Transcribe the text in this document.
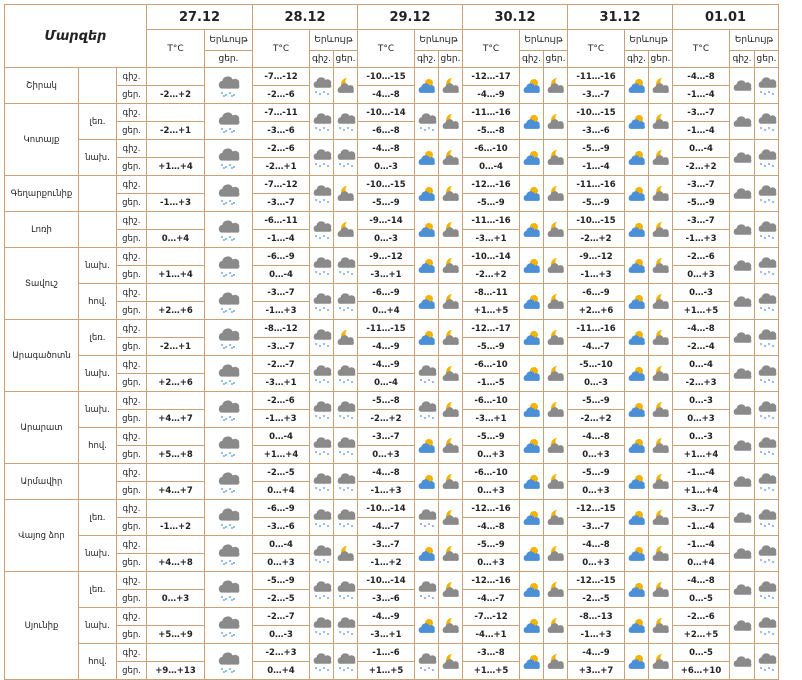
Մարզեր			27.12		28.12			29.12			30.12			31.12			01.01		
			T°C	Երևույթ	T°C	Երևույթ		T°C	Երևույթ		T°C	Երևույթ		T°C	Երևույթ		T°C	Երևույթ	
				ցեր.		գիշ.	ցեր.		գիշ.	ցեր.		գիշ.	ցեր.		գիշ.	ցեր.		գիշ.	ցեր.
Շիրակ		գիշ.			-7…-12			-10…-15			-12…-17			-11…-16			-4…-8		
		ցեր.	-2…+2		-2…-6			-4…-8			-4…-9			-3…-7			-1…-4		
Կոտայք	լեռ.	գիշ.			-7…-11			-10…-14			-11…-16			-10…-15			-3…-7		
		ցեր.	-2…+1		-3…-6			-6…-8			-5…-8			-3…-6			-1…-4		
	նախ.	գիշ.			-2…-6			-4…-8			-6…-10			-5…-9			0…-4		
		ցեր.	+1…+4		-2…+1			0…-3			0…-4			-1…-4			-2…+2		
Գեղարքունիք		գիշ.			-7…-12			-10…-15			-12…-16			-11…-16			-3…-7		
		ցեր.	-1…+3		-3…-7			-5…-9			-5…-9			-5…-9			-5…-9		
Լոռի		գիշ.			-6…-11			-9…-14			-11…-16			-10…-15			-3…-7		
		ցեր.	0…+4		-1…-4			0…-3			-3…+1			-2…+2			-1…+3		
Տավուշ	նախ.	գիշ.			-6…-9			-9…-12			-10…-14			-9…-12			-2…-6		
		ցեր.	+1…+4		0…-4			-3…+1			-2…+2			-1…+3			0…+3		
	հով.	գիշ.			-3…-7			-6…-9			-8…-11			-6…-9			0…-3		
		ցեր.	+2…+6		-1…+3			0…+4			+1…+5			+2…+6			+1…+5		
Արագածոտն	լեռ.	գիշ.			-8…-12			-11…-15			-12…-17			-11…-16			-4…-8		
		ցեր.	-2…+1		-3…-7			-4…-9			-5…-9			-4…-7			-2…-4		
	նախ.	գիշ.			-2…-7			-4…-9			-6…-10			-5…-10			0…-4		
		ցեր.	+2…+6		-3…+1			0…-4			-1…-5			0…-3			-2…+3		
Արարատ	նախ.	գիշ.			-2…-6			-5…-8			-6…-10			-5…-9			0…-3		
		ցեր.	+4…+7		-1…+3			-2…+2			-3…+1			-2…+2			0…+3		
	հով.	գիշ.			0…-4			-3…-7			-5…-9			-4…-8			0…-3		
		ցեր.	+5…+8		+1…+4			0…+3			0…+3			0…+3			+1…+4		
Արմավիր		գիշ.			-2…-5			-4…-8			-6…-10			-5…-9			-1…-4		
		ցեր.	+4…+7		0…+4			-1…+3			0…+3			0…+3			+1…+4		
Վայոց ձոր	լեռ.	գիշ.			-6…-9			-10…-14			-12…-16			-12…-15			-3…-7		
		ցեր.	-1…+2		-3…-6			-4…-7			-4…-8			-3…-7			-1…-4		
	նախ.	գիշ.			0…-4			-3…-7			-5…-9			-4…-8			-1…-4		
		ցեր.	+4…+8		0…+3			-1…+2			0…+3			0…+3			0…+4		
Սյունիք	լեռ.	գիշ.			-5…-9			-10…-14			-12…-16			-12…-15			-4…-8		
		ցեր.	0…+3		-2…-5			-3…-6			-4…-7			-2…-5			0…-5		
	նախ.	գիշ.			-2…-7			-4…-9			-7…-12			-8…-13			-2…-6		
		ցեր.	+5…+9		0…-3			-3…+1			-4…+1			-1…+3			+2…+5		
	հով.	գիշ.			-2…+3			-1…-6			-3…-8			-4…-9			0…-5		
		ցեր.	+9…+13		0…+4			+1…+5			+1…+5			+3…+7			+6…+10		
